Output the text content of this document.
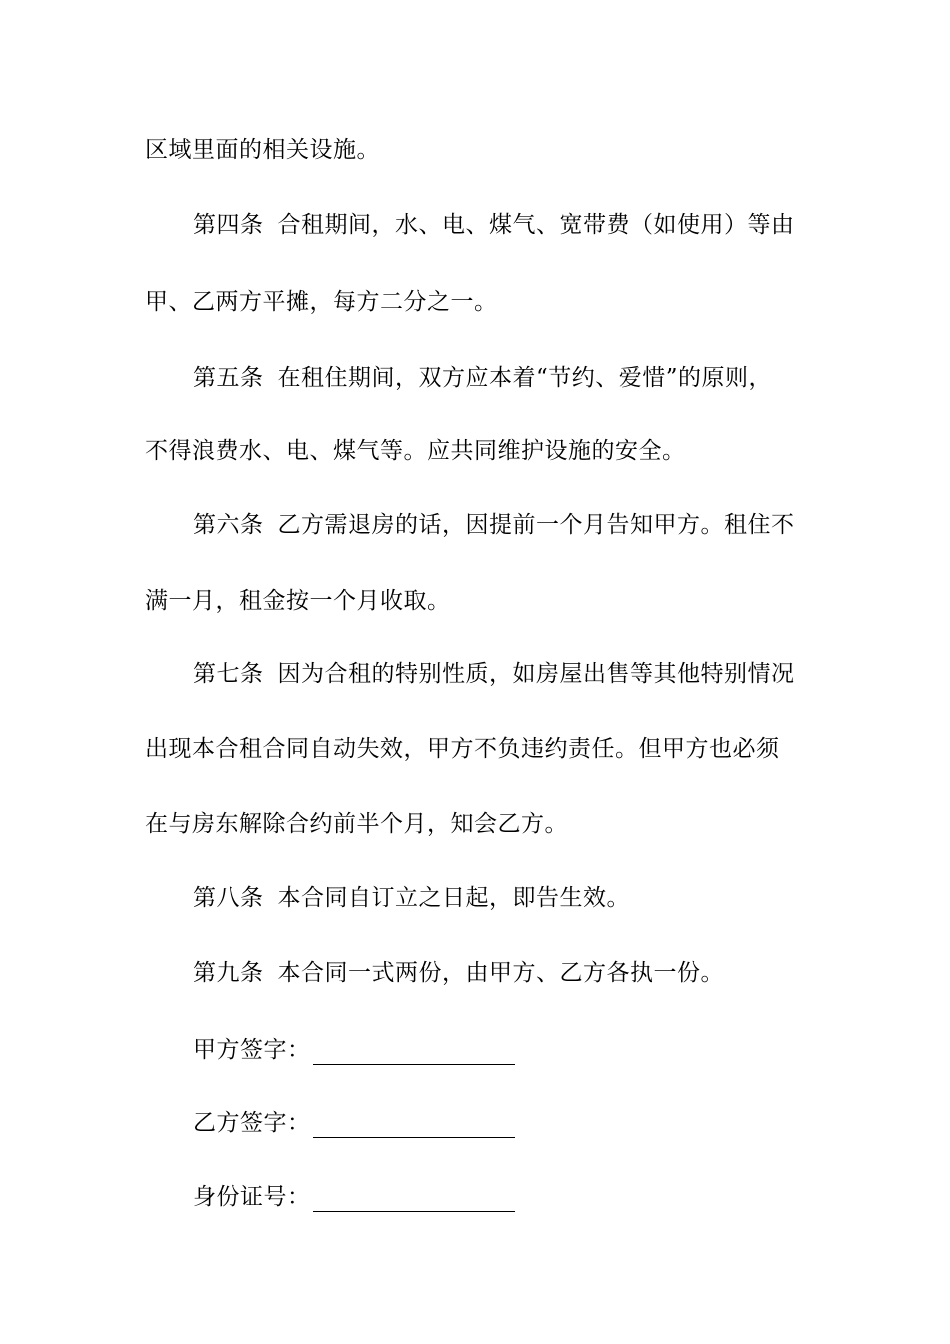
区域里面的相关设施。
第四条 合租期间，水、电、煤气、宽带费（如使用）等由
甲、乙两方平摊，每方二分之一。
第五条 在租住期间，双方应本着“节约、爱惜”的原则，
不得浪费水、电、煤气等。应共同维护设施的安全。
第六条 乙方需退房的话，因提前一个月告知甲方。租住不
满一月，租金按一个月收取。
第七条 因为合租的特别性质，如房屋出售等其他特别情况
出现本合租合同自动失效，甲方不负违约责任。但甲方也必须
在与房东解除合约前半个月，知会乙方。
第八条 本合同自订立之日起，即告生效。
第九条 本合同一式两份，由甲方、乙方各执一份。
甲方签字：
乙方签字：
身份证号：
